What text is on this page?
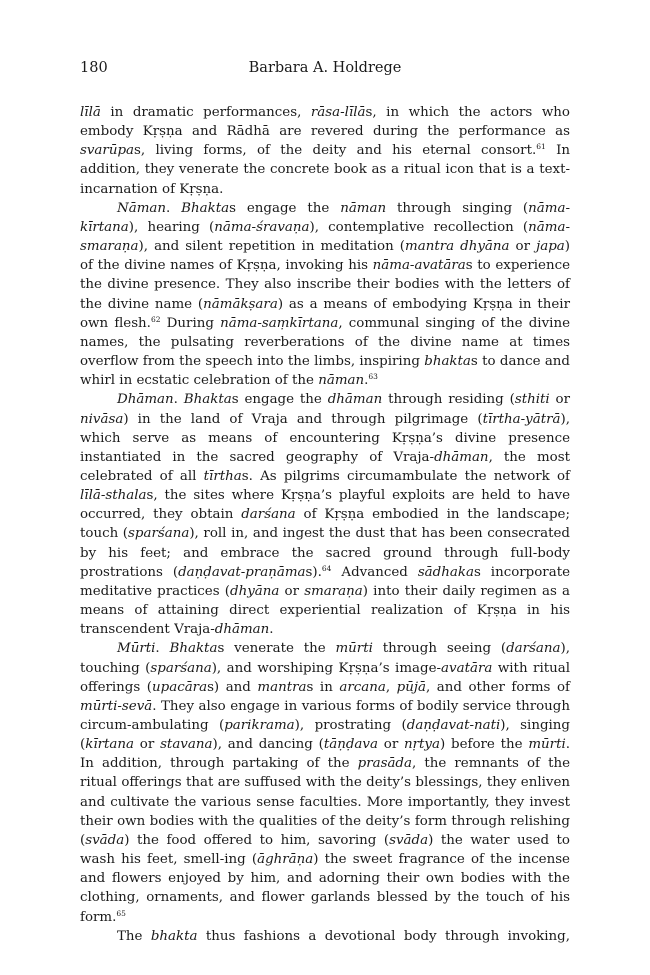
180	Barbara A. Holdrege

līlā in dramatic performances, rāsa-līlās, in which the actors who embody Kṛṣṇa and Rādhā are revered during the performance as svarūpas, living forms, of the deity and his eternal consort.$^{61}$ In addition, they venerate the concrete book as a ritual icon that is a text-incarnation of Kṛṣṇa.

Nāman. Bhaktas engage the nāman through singing (nāma-kīrtana), hearing (nāma-śravaṇa), contemplative recollection (nāma-smaraṇa), and silent repetition in meditation (mantra dhyāna or japa) of the divine names of Kṛṣṇa, invoking his nāma-avatāras to experience the divine presence. They also inscribe their bodies with the letters of the divine name (nāmākṣara) as a means of embodying Kṛṣṇa in their own flesh.$^{62}$ During nāma-saṃkīrtana, communal singing of the divine names, the pulsating reverberations of the divine name at times overflow from the speech into the limbs, inspiring bhaktas to dance and whirl in ecstatic celebration of the nāman.$^{63}$

Dhāman. Bhaktas engage the dhāman through residing (sthiti or nivāsa) in the land of Vraja and through pilgrimage (tīrtha-yātrā), which serve as means of encountering Kṛṣṇa’s divine presence instantiated in the sacred geography of Vraja-dhāman, the most celebrated of all tīrthas. As pilgrims circumambulate the network of līlā-sthalas, the sites where Kṛṣṇa’s playful exploits are held to have occurred, they obtain darśana of Kṛṣṇa embodied in the landscape; touch (sparśana), roll in, and ingest the dust that has been consecrated by his feet; and embrace the sacred ground through full-body prostrations (daṇḍavat-praṇāmas).$^{64}$ Advanced sādhakas incorporate meditative practices (dhyāna or smaraṇa) into their daily regimen as a means of attaining direct experiential realization of Kṛṣṇa in his transcendent Vraja-dhāman.

Mūrti. Bhaktas venerate the mūrti through seeing (darśana), touching (sparśana), and worshiping Kṛṣṇa’s image-avatāra with ritual offerings (upacāras) and mantras in arcana, pūjā, and other forms of mūrti-sevā. They also engage in various forms of bodily service through circum-ambulating (parikrama), prostrating (daṇḍavat-nati), singing (kīrtana or stavana), and dancing (tāṇḍava or nṛtya) before the mūrti. In addition, through partaking of the prasāda, the remnants of the ritual offerings that are suffused with the deity’s blessings, they enliven and cultivate the various sense faculties. More importantly, they invest their own bodies with the qualities of the deity’s form through relishing (svāda) the food offered to him, savoring (svāda) the water used to wash his feet, smell-ing (āghrāṇa) the sweet fragrance of the incense and flowers enjoyed by him, and adorning their own bodies with the clothing, ornaments, and flower garlands blessed by the touch of his form.$^{65}$

The bhakta thus fashions a devotional body through invoking,
